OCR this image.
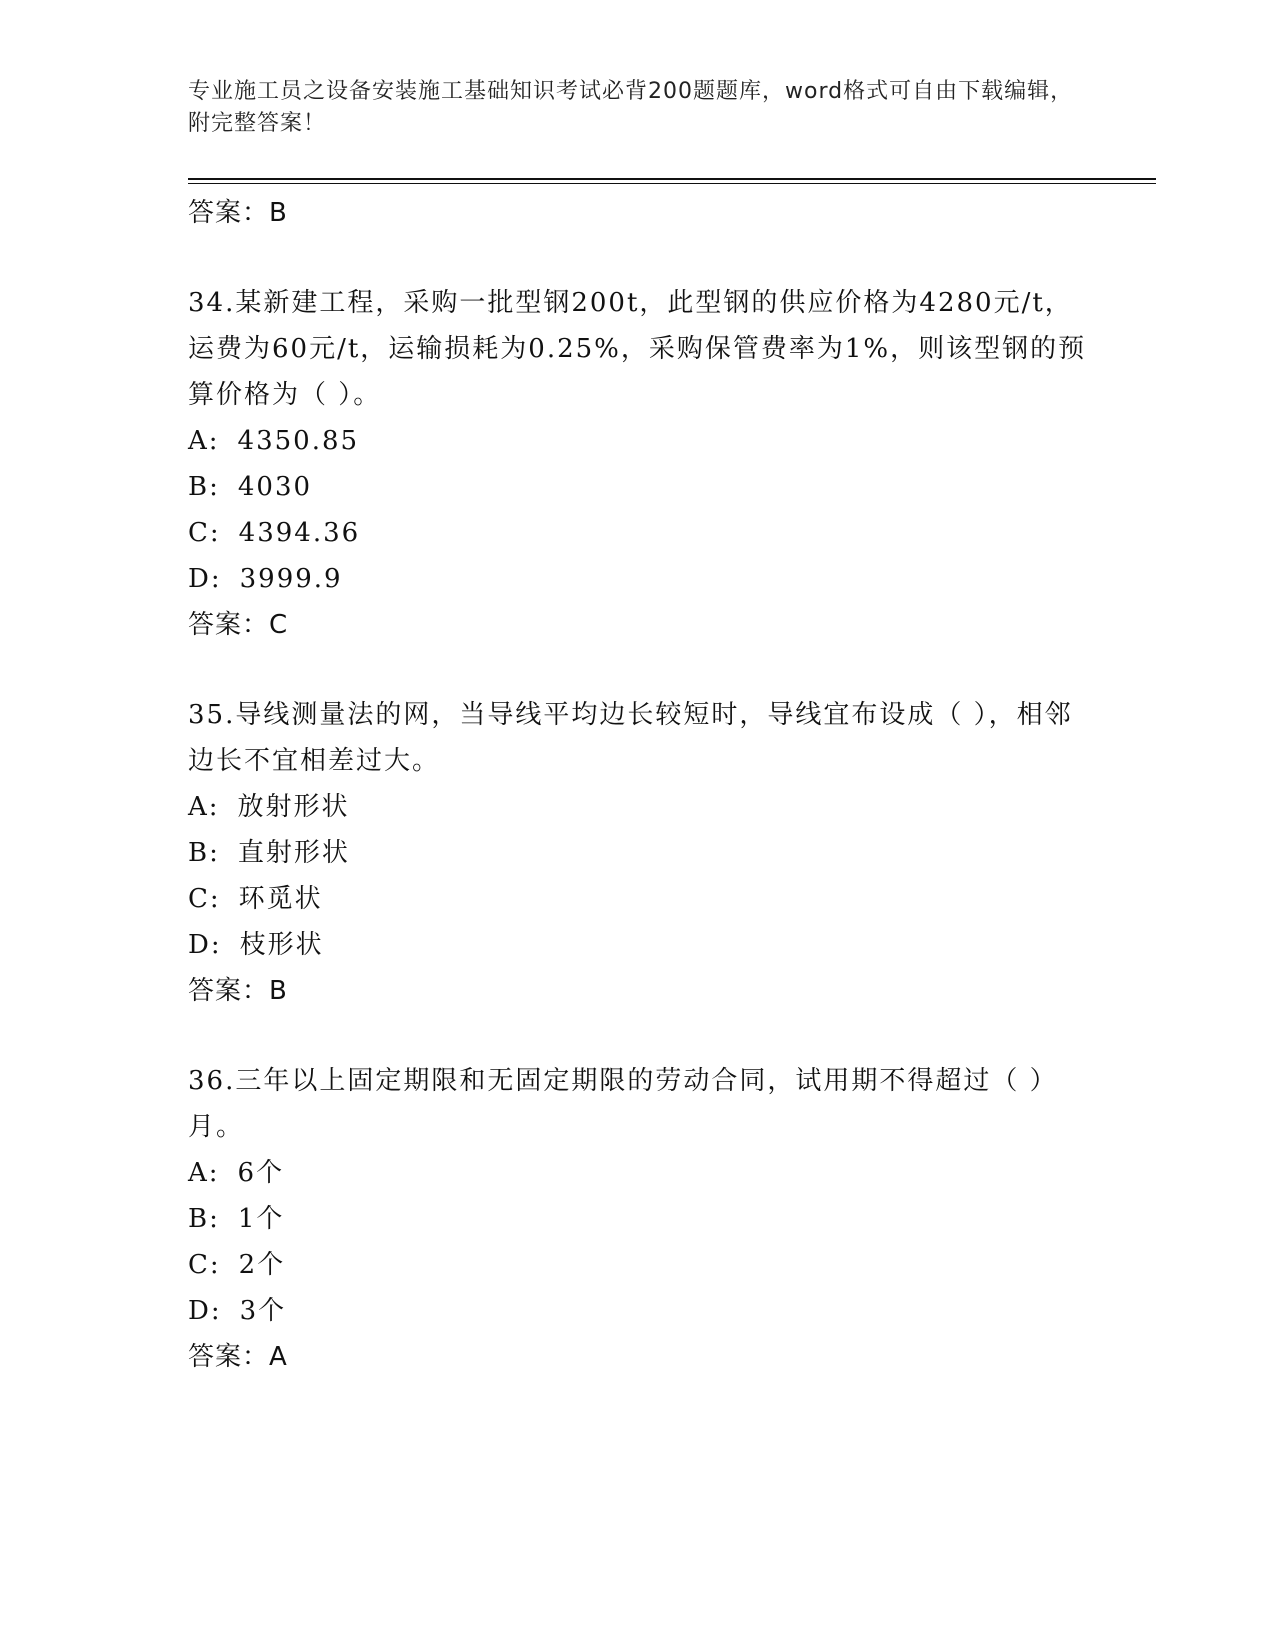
专业施工员之设备安装施工基础知识考试必背200题题库，word格式可自由下载编辑，附完整答案！
答案：B
34.某新建工程，采购一批型钢200t，此型钢的供应价格为4280元/t，运费为60元/t，运输损耗为0.25%，采购保管费率为1%，则该型钢的预算价格为（ ）。
A: 4350.85
B: 4030
C: 4394.36
D: 3999.9
答案：C
35.导线测量法的网，当导线平均边长较短时，导线宜布设成（ ），相邻边长不宜相差过大。
A: 放射形状
B: 直射形状
C: 环觅状
D: 枝形状
答案：B
36.三年以上固定期限和无固定期限的劳动合同，试用期不得超过（ ）月。
A: 6个
B: 1个
C: 2个
D: 3个
答案：A
